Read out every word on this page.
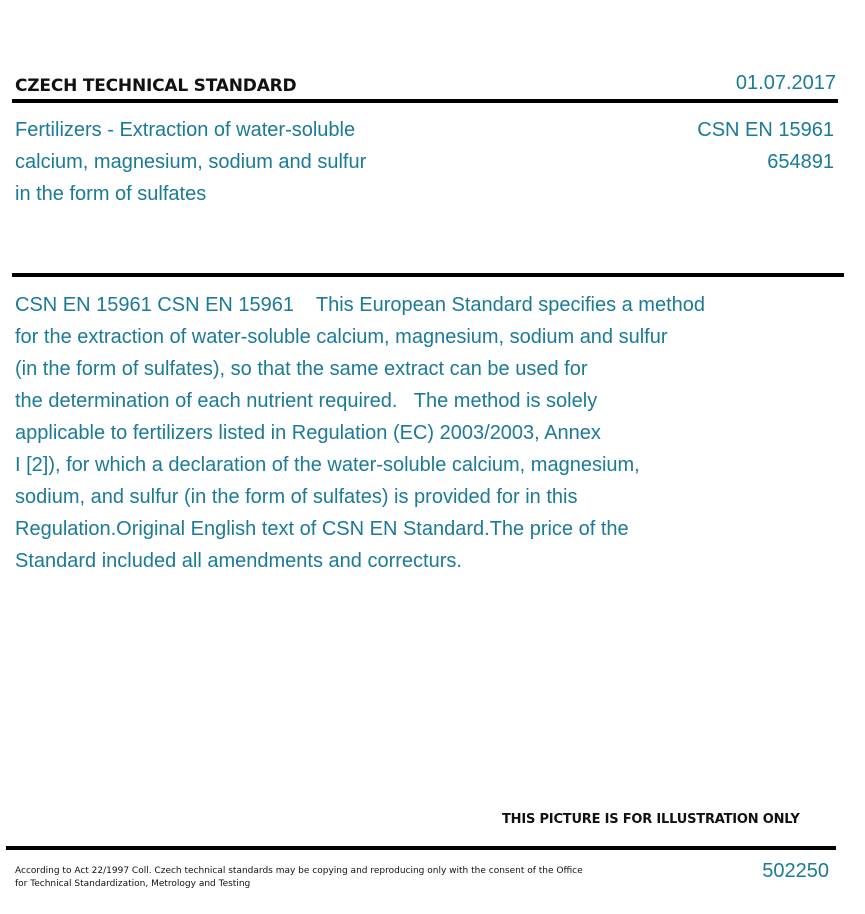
CZECH TECHNICAL STANDARD	01.07.2017
Fertilizers - Extraction of water-soluble
calcium, magnesium, sodium and sulfur
in the form of sulfates
CSN EN 15961
654891
CSN EN 15961 CSN EN 15961    This European Standard specifies a method
for the extraction of water-soluble calcium, magnesium, sodium and sulfur
(in the form of sulfates), so that the same extract can be used for
the determination of each nutrient required.   The method is solely
applicable to fertilizers listed in Regulation (EC) 2003/2003, Annex
I [2]), for which a declaration of the water-soluble calcium, magnesium,
sodium, and sulfur (in the form of sulfates) is provided for in this
Regulation.Original English text of CSN EN Standard.The price of the
Standard included all amendments and correcturs.
THIS PICTURE IS FOR ILLUSTRATION ONLY
According to Act 22/1997 Coll. Czech technical standards may be copying and reproducing only with the consent of the Office
for Technical Standardization, Metrology and Testing
502250
